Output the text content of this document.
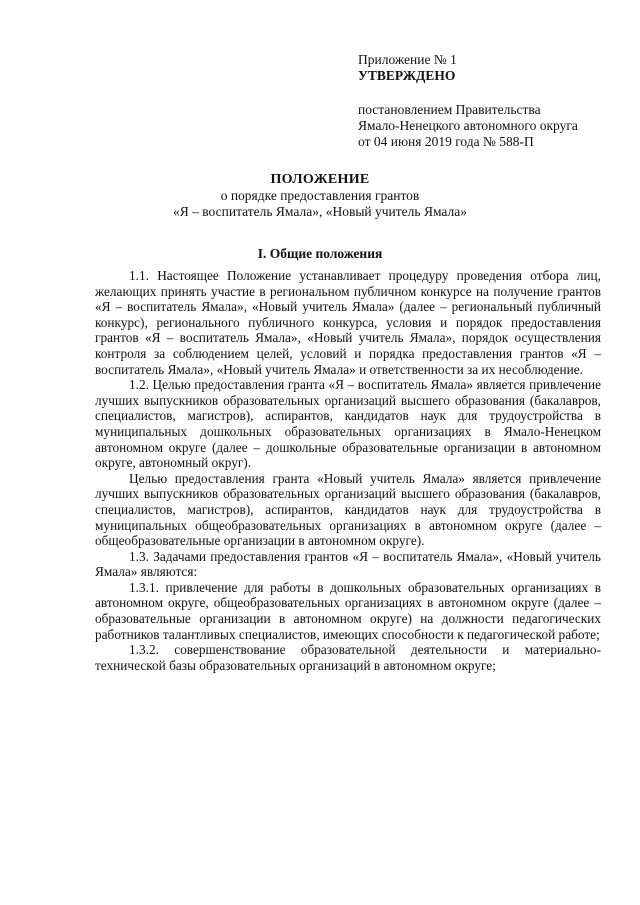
Приложение № 1
УТВЕРЖДЕНО
постановлением Правительства
Ямало-Ненецкого автономного округа
от 04 июня 2019 года № 588-П
ПОЛОЖЕНИЕ
о порядке предоставления грантов
«Я – воспитатель Ямала», «Новый учитель Ямала»
I. Общие положения

1.1. Настоящее Положение устанавливает процедуру проведения отбора лиц, желающих принять участие в региональном публичном конкурсе на получение грантов «Я – воспитатель Ямала», «Новый учитель Ямала» (далее – региональный публичный конкурс), регионального публичного конкурса, условия и порядок предоставления грантов «Я – воспитатель Ямала», «Новый учитель Ямала», порядок осуществления контроля за соблюдением целей, условий и порядка предоставления грантов «Я – воспитатель Ямала», «Новый учитель Ямала» и ответственности за их несоблюдение.

1.2. Целью предоставления гранта «Я – воспитатель Ямала» является привлечение лучших выпускников образовательных организаций высшего образования (бакалавров, специалистов, магистров), аспирантов, кандидатов наук для трудоустройства в муниципальных дошкольных образовательных организациях в Ямало-Ненецком автономном округе (далее – дошкольные образовательные организации в автономном округе, автономный округ).

Целью предоставления гранта «Новый учитель Ямала» является привлечение лучших выпускников образовательных организаций высшего образования (бакалавров, специалистов, магистров), аспирантов, кандидатов наук для трудоустройства в муниципальных общеобразовательных организациях в автономном округе (далее – общеобразовательные организации в автономном округе).

1.3. Задачами предоставления грантов «Я – воспитатель Ямала», «Новый учитель Ямала» являются:

1.3.1. привлечение для работы в дошкольных образовательных организациях в автономном округе, общеобразовательных организациях в автономном округе (далее – образовательные организации в автономном округе) на должности педагогических работников талантливых специалистов, имеющих способности к педагогической работе;

1.3.2. совершенствование образовательной деятельности и материально-технической базы образовательных организаций в автономном округе;
